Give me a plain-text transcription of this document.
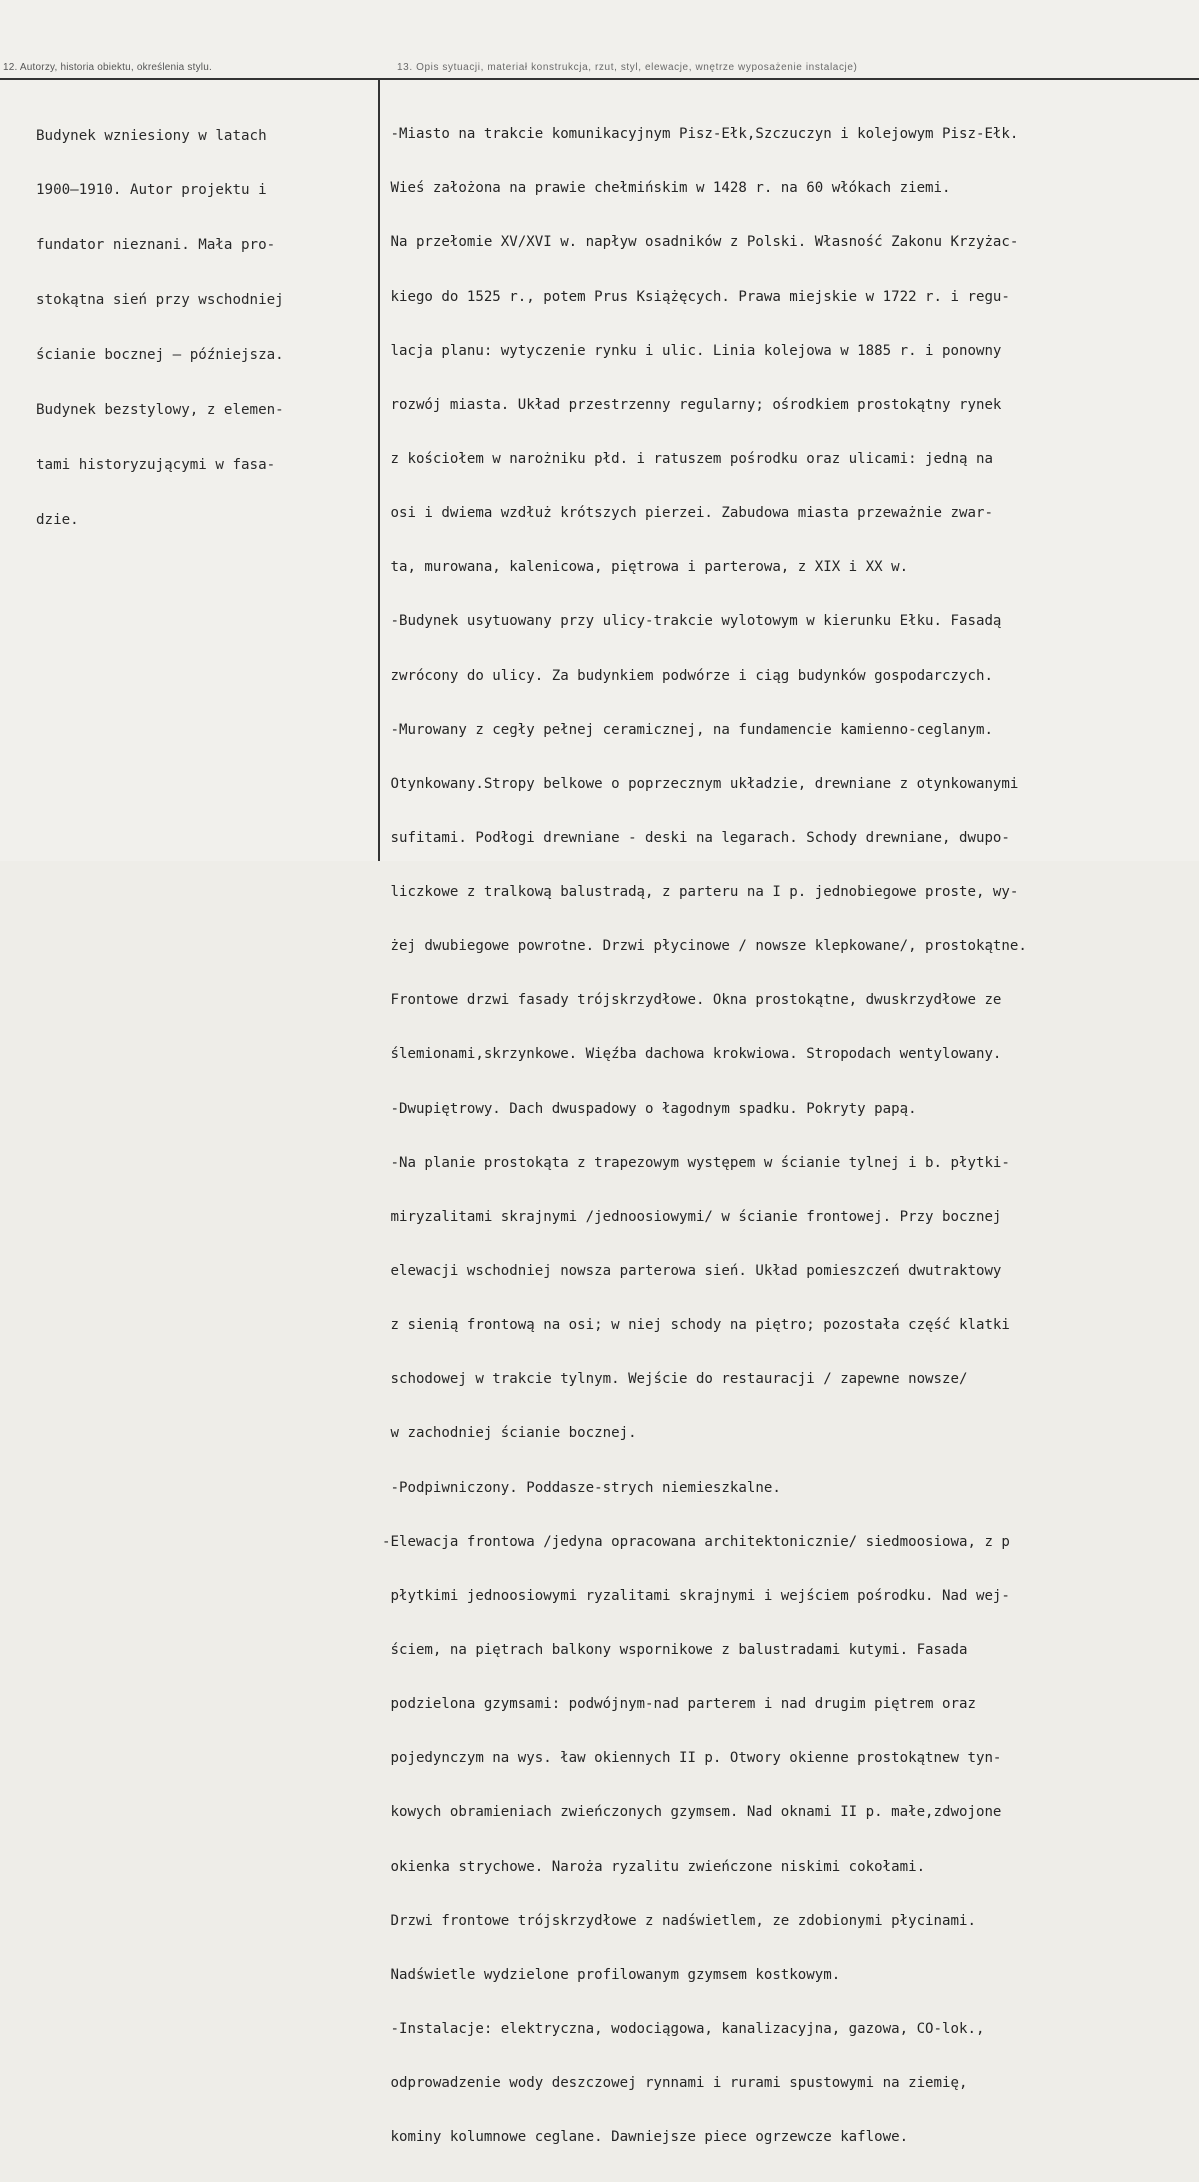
12. Autorzy, historia obiektu, określenia stylu.	13. Opis sytuacji, materiał konstrukcja, rzut, styl, elewacje, wnętrze wyposażenie instalacje)

Budynek wzniesiony w latach

1900–1910. Autor projektu i

fundator nieznani. Mała pro-

stokątna sień przy wschodniej

ścianie bocznej – późniejsza.

Budynek bezstylowy, z elemen-

tami historyzującymi w fasa-

dzie.

-Miasto na trakcie komunikacyjnym Pisz-Ełk,Szczuczyn i kolejowym Pisz-Ełk.

Wieś założona na prawie chełmińskim w 1428 r. na 60 włókach ziemi.

Na przełomie XV/XVI w. napływ osadników z Polski. Własność Zakonu Krzyżac-

kiego do 1525 r., potem Prus Książęcych. Prawa miejskie w 1722 r. i regu-

lacja planu: wytyczenie rynku i ulic. Linia kolejowa w 1885 r. i ponowny

rozwój miasta. Układ przestrzenny regularny; ośrodkiem prostokątny rynek

z kościołem w narożniku płd. i ratuszem pośrodku oraz ulicami: jedną na

osi i dwiema wzdłuż krótszych pierzei. Zabudowa miasta przeważnie zwar-

ta, murowana, kalenicowa, piętrowa i parterowa, z XIX i XX w.

-Budynek usytuowany przy ulicy-trakcie wylotowym w kierunku Ełku. Fasadą

zwrócony do ulicy. Za budynkiem podwórze i ciąg budynków gospodarczych.

-Murowany z cegły pełnej ceramicznej, na fundamencie kamienno-ceglanym.

Otynkowany.Stropy belkowe o poprzecznym układzie, drewniane z otynkowanymi

sufitami. Podłogi drewniane - deski na legarach. Schody drewniane, dwupo-

liczkowe z tralkową balustradą, z parteru na I p. jednobiegowe proste, wy-

żej dwubiegowe powrotne. Drzwi płycinowe / nowsze klepkowane/, prostokątne.

Frontowe drzwi fasady trójskrzydłowe. Okna prostokątne, dwuskrzydłowe ze

ślemionami,skrzynkowe. Więźba dachowa krokwiowa. Stropodach wentylowany.

-Dwupiętrowy. Dach dwuspadowy o łagodnym spadku. Pokryty papą.

-Na planie prostokąta z trapezowym występem w ścianie tylnej i b. płytki-

miryzalitami skrajnymi /jednoosiowymi/ w ścianie frontowej. Przy bocznej

elewacji wschodniej nowsza parterowa sień. Układ pomieszczeń dwutraktowy

z sienią frontową na osi; w niej schody na piętro; pozostała część klatki

schodowej w trakcie tylnym. Wejście do restauracji / zapewne nowsze/

w zachodniej ścianie bocznej.

-Podpiwniczony. Poddasze-strych niemieszkalne.

-Elewacja frontowa /jedyna opracowana architektonicznie/ siedmoosiowa, z p

płytkimi jednoosiowymi ryzalitami skrajnymi i wejściem pośrodku. Nad wej-

ściem, na piętrach balkony wspornikowe z balustradami kutymi. Fasada

podzielona gzymsami: podwójnym-nad parterem i nad drugim piętrem oraz

pojedynczym na wys. ław okiennych II p. Otwory okienne prostokątnew tyn-

kowych obramieniach zwieńczonych gzymsem. Nad oknami II p. małe,zdwojone

okienka strychowe. Naroża ryzalitu zwieńczone niskimi cokołami.

Drzwi frontowe trójskrzydłowe z nadświetlem, ze zdobionymi płycinami.

Nadświetle wydzielone profilowanym gzymsem kostkowym.

-Instalacje: elektryczna, wodociągowa, kanalizacyjna, gazowa, CO-lok.,

odprowadzenie wody deszczowej rynnami i rurami spustowymi na ziemię,

kominy kolumnowe ceglane. Dawniejsze piece ogrzewcze kaflowe.
